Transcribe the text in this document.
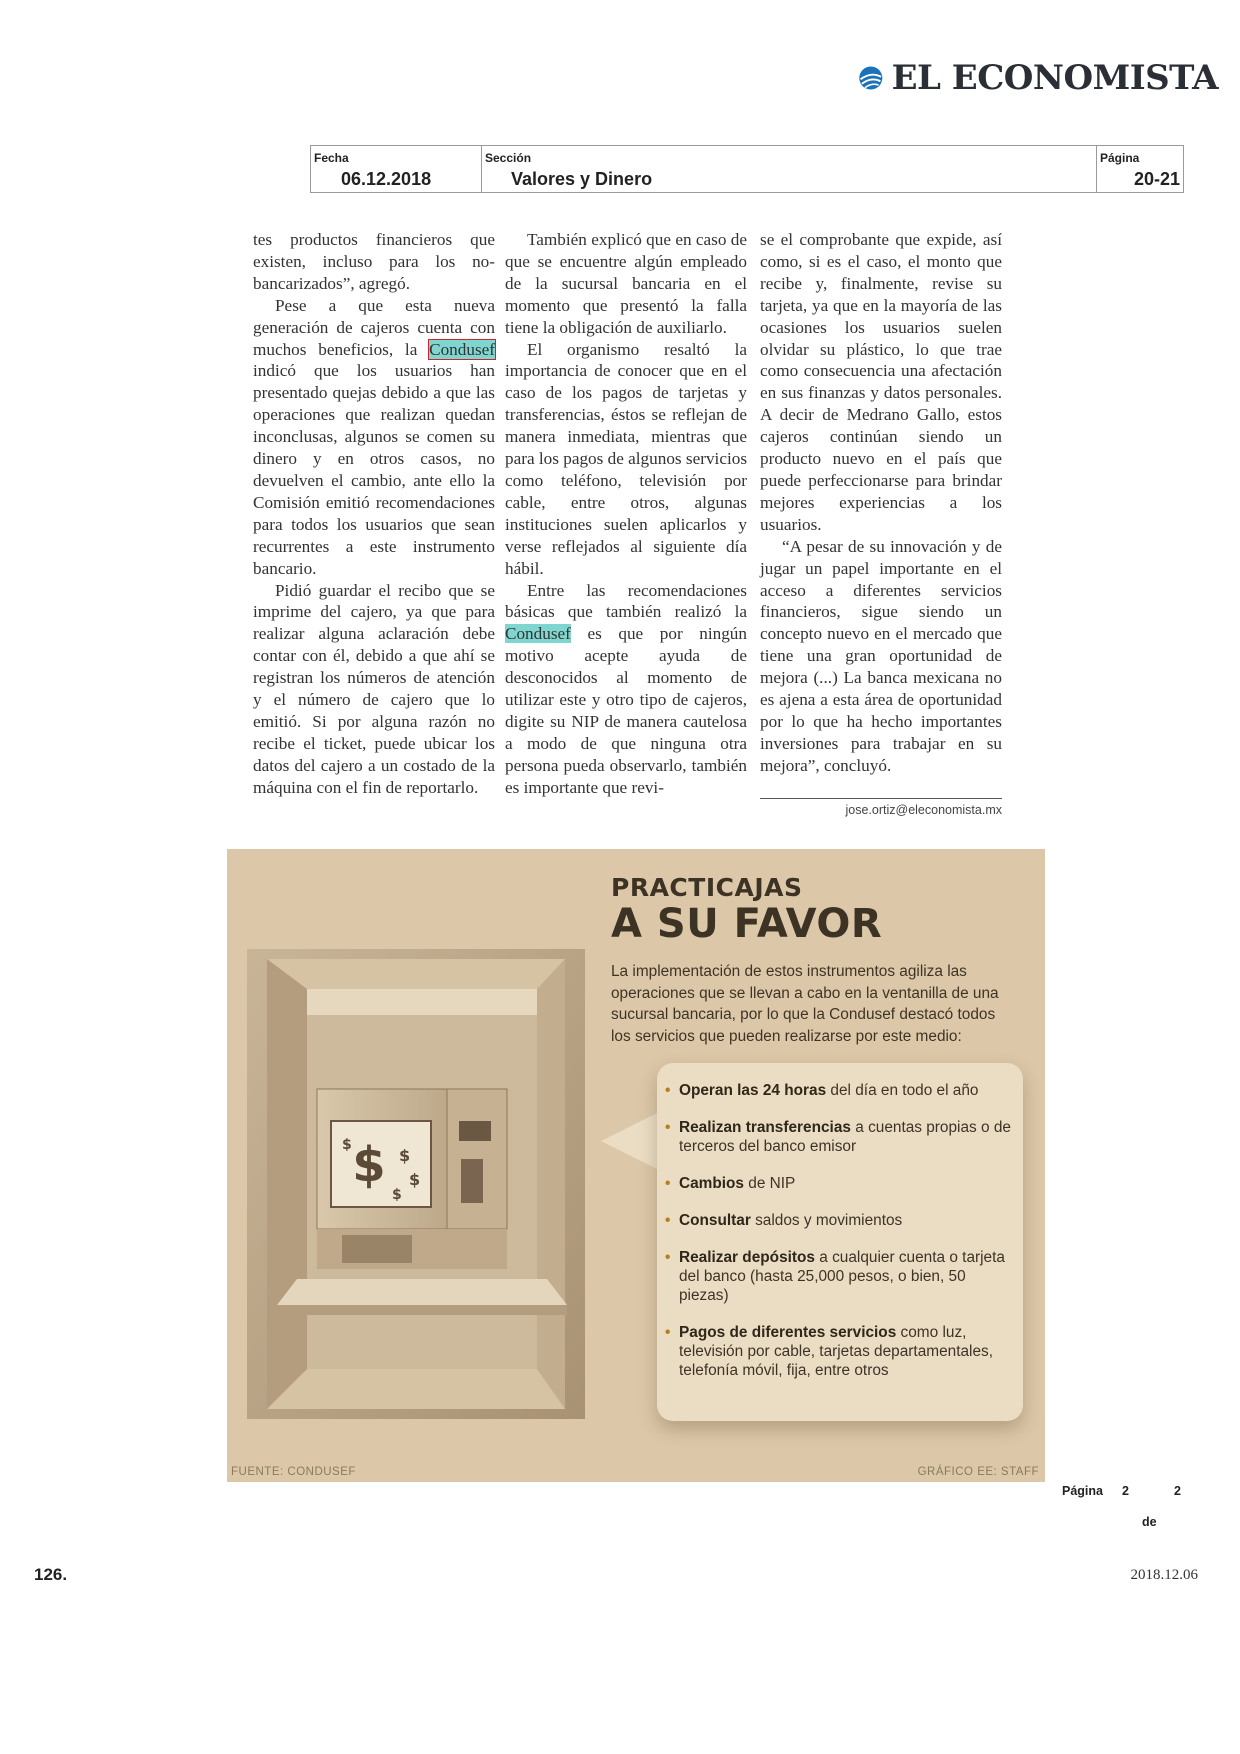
EL ECONOMISTA
Fecha
06.12.2018
Sección
Valores y Dinero
Página
20-21

tes productos financieros que existen, incluso para los no-bancarizados”, agregó.

Pese a que esta nueva generación de cajeros cuenta con muchos beneficios, la Condusef indicó que los usuarios han presentado quejas debido a que las operaciones que realizan quedan inconclusas, algunos se comen su dinero y en otros casos, no devuelven el cambio, ante ello la Comisión emitió recomendaciones para todos los usuarios que sean recurrentes a este instrumento bancario.

Pidió guardar el recibo que se imprime del cajero, ya que para realizar alguna aclaración debe contar con él, debido a que ahí se registran los números de atención y el número de cajero que lo emitió. Si por alguna razón no recibe el ticket, puede ubicar los datos del cajero a un costado de la máquina con el fin de reportarlo.

También explicó que en caso de que se encuentre algún empleado de la sucursal bancaria en el momento que presentó la falla tiene la obligación de auxiliarlo.

El organismo resaltó la importancia de conocer que en el caso de los pagos de tarjetas y transferencias, éstos se reflejan de manera inmediata, mientras que para los pagos de algunos servicios como teléfono, televisión por cable, entre otros, algunas instituciones suelen aplicarlos y verse reflejados al siguiente día hábil.

Entre las recomendaciones básicas que también realizó la Condusef es que por ningún motivo acepte ayuda de desconocidos al momento de utilizar este y otro tipo de cajeros, digite su NIP de manera cautelosa a modo de que ninguna otra persona pueda observarlo, también es importante que revi-

se el comprobante que expide, así como, si es el caso, el monto que recibe y, finalmente, revise su tarjeta, ya que en la mayoría de las ocasiones los usuarios suelen olvidar su plástico, lo que trae como consecuencia una afectación en sus finanzas y datos personales. A decir de Medrano Gallo, estos cajeros continúan siendo un producto nuevo en el país que puede perfeccionarse para brindar mejores experiencias a los usuarios.

“A pesar de su innovación y de jugar un papel importante en el acceso a diferentes servicios financieros, sigue siendo un concepto nuevo en el mercado que tiene una gran oportunidad de mejora (...) La banca mexicana no es ajena a esta área de oportunidad por lo que ha hecho importantes inversiones para trabajar en su mejora”, concluyó.

jose.ortiz@eleconomista.mx
$ $
$
$
$
PRACTICAJAS
A SU FAVOR
La implementación de estos instrumentos agiliza las operaciones que se llevan a cabo en la ventanilla de una sucursal bancaria, por lo que la Condusef destacó todos los servicios que pueden realizarse por este medio:
• Operan las 24 horas del día en todo el año
• Realizan transferencias a cuentas propias o de terceros del banco emisor
• Cambios de NIP
• Consultar saldos y movimientos
• Realizar depósitos a cualquier cuenta o tarjeta del banco (hasta 25,000 pesos, o bien, 50 piezas)
• Pagos de diferentes servicios como luz, televisión por cable, tarjetas departamentales, telefonía móvil, fija, entre otros
FUENTE: CONDUSEF	GRÁFICO EE: STAFF
Página 2	2
de
126.	2018.12.06
